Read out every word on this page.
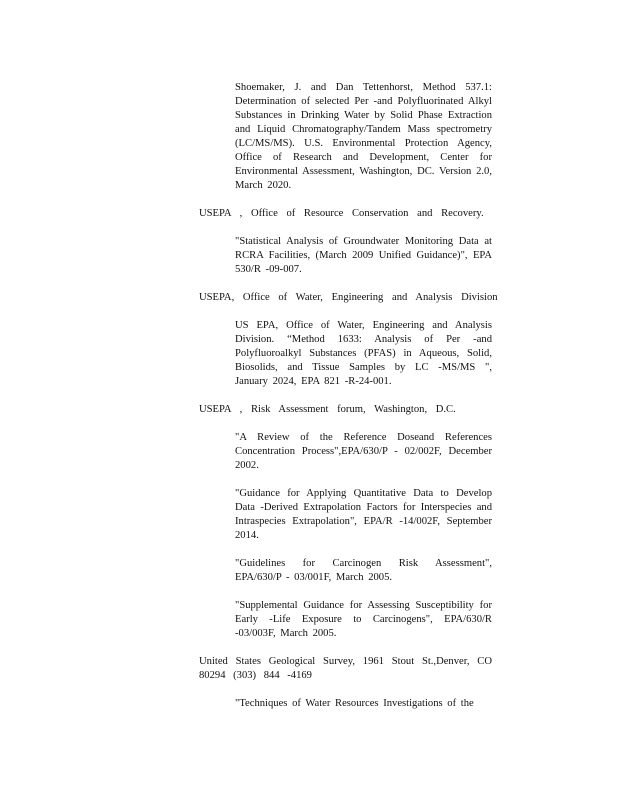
Shoemaker, J. and Dan Tettenhorst, Method 537.1: Determination of selected Per -and Polyfluorinated Alkyl Substances in Drinking Water by Solid Phase Extraction and Liquid Chromatography/Tandem Mass spectrometry (LC/MS/MS). U.S. Environmental Protection Agency, Office of Research and Development, Center for Environmental Assessment, Washington, DC. Version 2.0, March 2020.

USEPA , Office of Resource Conservation and Recovery.

"Statistical Analysis of Groundwater Monitoring Data at RCRA Facilities, (March 2009 Unified Guidance)", EPA 530/R -09-007.

USEPA, Office of Water, Engineering and Analysis Division

US EPA, Office of Water, Engineering and Analysis Division. “Method 1633: Analysis of Per -and Polyfluoroalkyl Substances (PFAS) in Aqueous, Solid, Biosolids, and Tissue Samples by LC -MS/MS ", January 2024, EPA 821 -R-24-001.

USEPA , Risk Assessment forum, Washington, D.C.

"A Review of the Reference Doseand References Concentration Process",EPA/630/P - 02/002F, December 2002.

"Guidance for Applying Quantitative Data to Develop Data -Derived Extrapolation Factors for Interspecies and Intraspecies Extrapolation", EPA/R -14/002F, September 2014.

"Guidelines for Carcinogen Risk Assessment", EPA/630/P - 03/001F, March 2005.

"Supplemental Guidance for Assessing Susceptibility for Early -Life Exposure to Carcinogens", EPA/630/R -03/003F, March 2005.

United States Geological Survey, 1961 Stout St.,Denver, CO 80294 (303) 844 -4169

"Techniques of Water Resources Investigations of the
